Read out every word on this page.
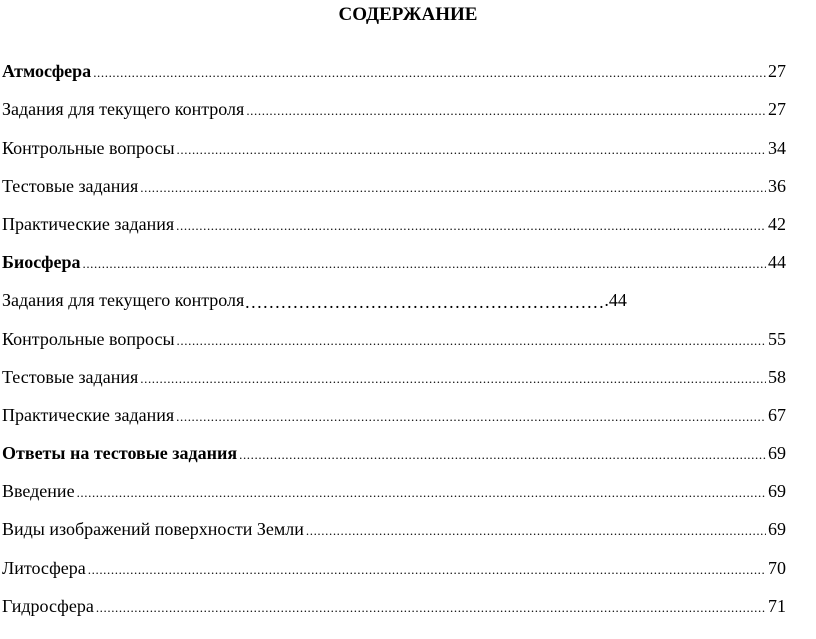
СОДЕРЖАНИЕ
Атмосфера .....	27
Задания для текущего контроля .....	27
Контрольные вопросы .....	34
Тестовые задания .....	36
Практические задания .....	42
Биосфера .....	44
Задания для текущего контроля …………………………………………………… .44
Контрольные вопросы .....	55
Тестовые задания .....	58
Практические задания .....	67
Ответы на тестовые задания .....	69
Введение .....	69
Виды изображений поверхности Земли .....	69
Литосфера .....	70
Гидросфера .....	71
